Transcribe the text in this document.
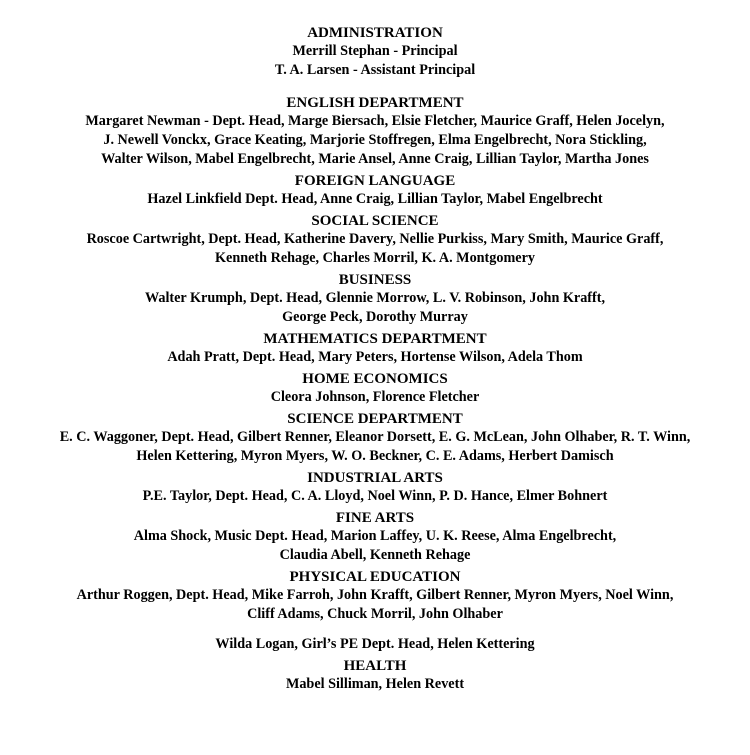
ADMINISTRATION

Merrill Stephan - Principal

T. A. Larsen - Assistant Principal

ENGLISH DEPARTMENT

Margaret Newman - Dept. Head, Marge Biersach, Elsie Fletcher, Maurice Graff, Helen Jocelyn,

J. Newell Vonckx, Grace Keating, Marjorie Stoffregen, Elma Engelbrecht, Nora Stickling,

Walter Wilson, Mabel Engelbrecht, Marie Ansel, Anne Craig, Lillian Taylor, Martha Jones

FOREIGN LANGUAGE

Hazel Linkfield Dept. Head, Anne Craig, Lillian Taylor, Mabel Engelbrecht

SOCIAL SCIENCE

Roscoe Cartwright, Dept. Head, Katherine Davery, Nellie Purkiss, Mary Smith, Maurice Graff,

Kenneth Rehage, Charles Morril, K. A. Montgomery

BUSINESS

Walter Krumph, Dept. Head, Glennie Morrow, L. V. Robinson, John Krafft,

George Peck, Dorothy Murray

MATHEMATICS DEPARTMENT

Adah Pratt, Dept. Head, Mary Peters, Hortense Wilson, Adela Thom

HOME ECONOMICS

Cleora Johnson, Florence Fletcher

SCIENCE DEPARTMENT

E. C. Waggoner, Dept. Head, Gilbert Renner, Eleanor Dorsett, E. G. McLean, John Olhaber, R. T. Winn,

Helen Kettering, Myron Myers, W. O. Beckner, C. E. Adams, Herbert Damisch

INDUSTRIAL ARTS

P.E. Taylor, Dept. Head, C. A. Lloyd, Noel Winn, P. D. Hance, Elmer Bohnert

FINE ARTS

Alma Shock, Music Dept. Head, Marion Laffey, U. K. Reese, Alma Engelbrecht,

Claudia Abell, Kenneth Rehage

PHYSICAL EDUCATION

Arthur Roggen, Dept. Head, Mike Farroh, John Krafft, Gilbert Renner, Myron Myers, Noel Winn,

Cliff Adams, Chuck Morril, John Olhaber

Wilda Logan, Girl’s PE Dept. Head, Helen Kettering

HEALTH

Mabel Silliman, Helen Revett
